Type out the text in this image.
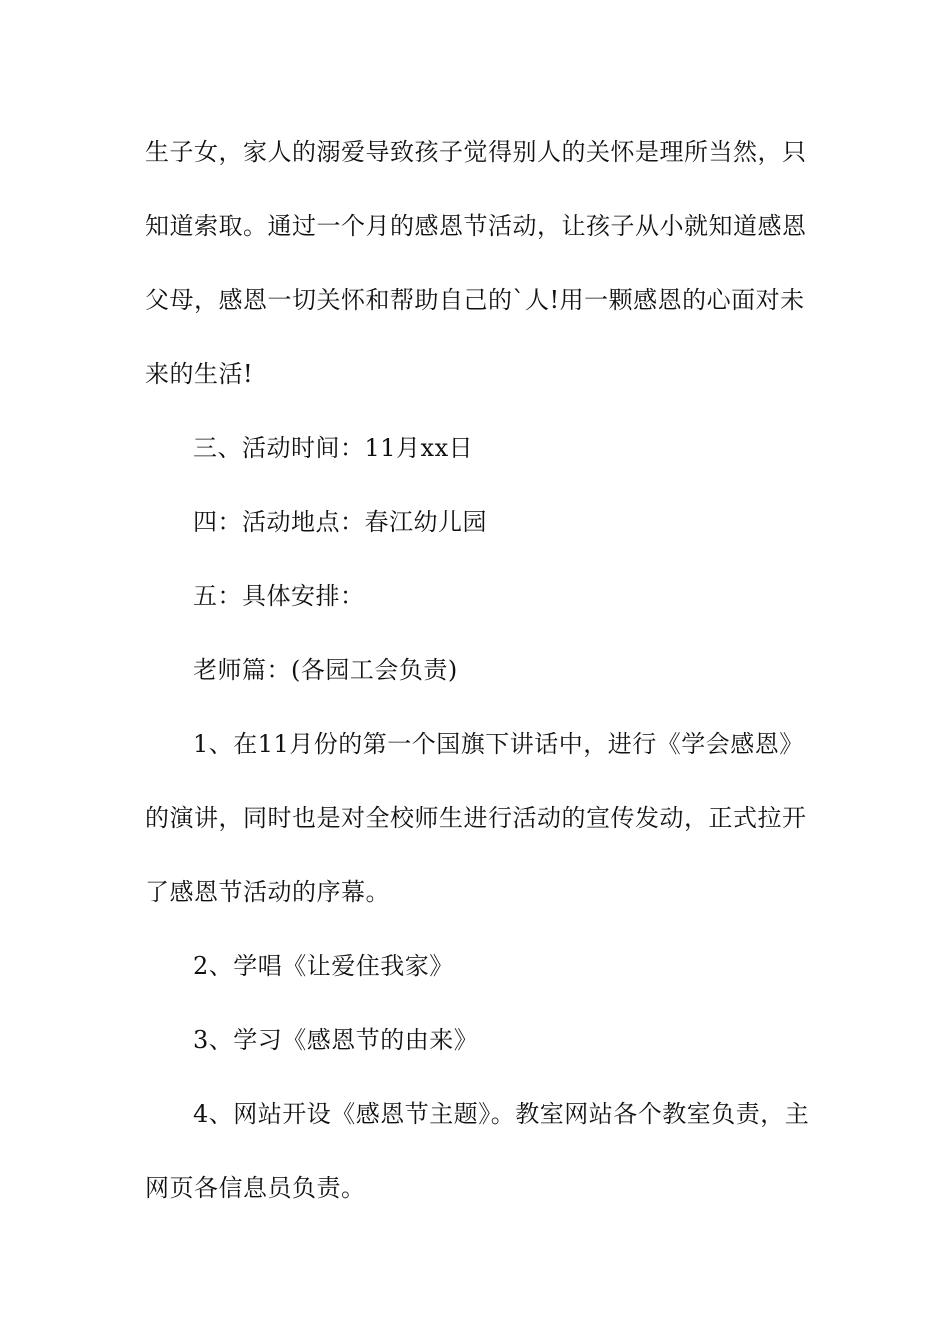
生子女，家人的溺爱导致孩子觉得别人的关怀是理所当然，只
知道索取。通过一个月的感恩节活动，让孩子从小就知道感恩
父母，感恩一切关怀和帮助自己的`人!用一颗感恩的心面对未
来的生活!
三、活动时间：11月xx日
四：活动地点：春江幼儿园
五：具体安排：
老师篇：(各园工会负责)
1、在11月份的第一个国旗下讲话中，进行《学会感恩》
的演讲，同时也是对全校师生进行活动的宣传发动，正式拉开
了感恩节活动的序幕。
2、学唱《让爱住我家》
3、学习《感恩节的由来》
4、网站开设《感恩节主题》。教室网站各个教室负责，主
网页各信息员负责。
